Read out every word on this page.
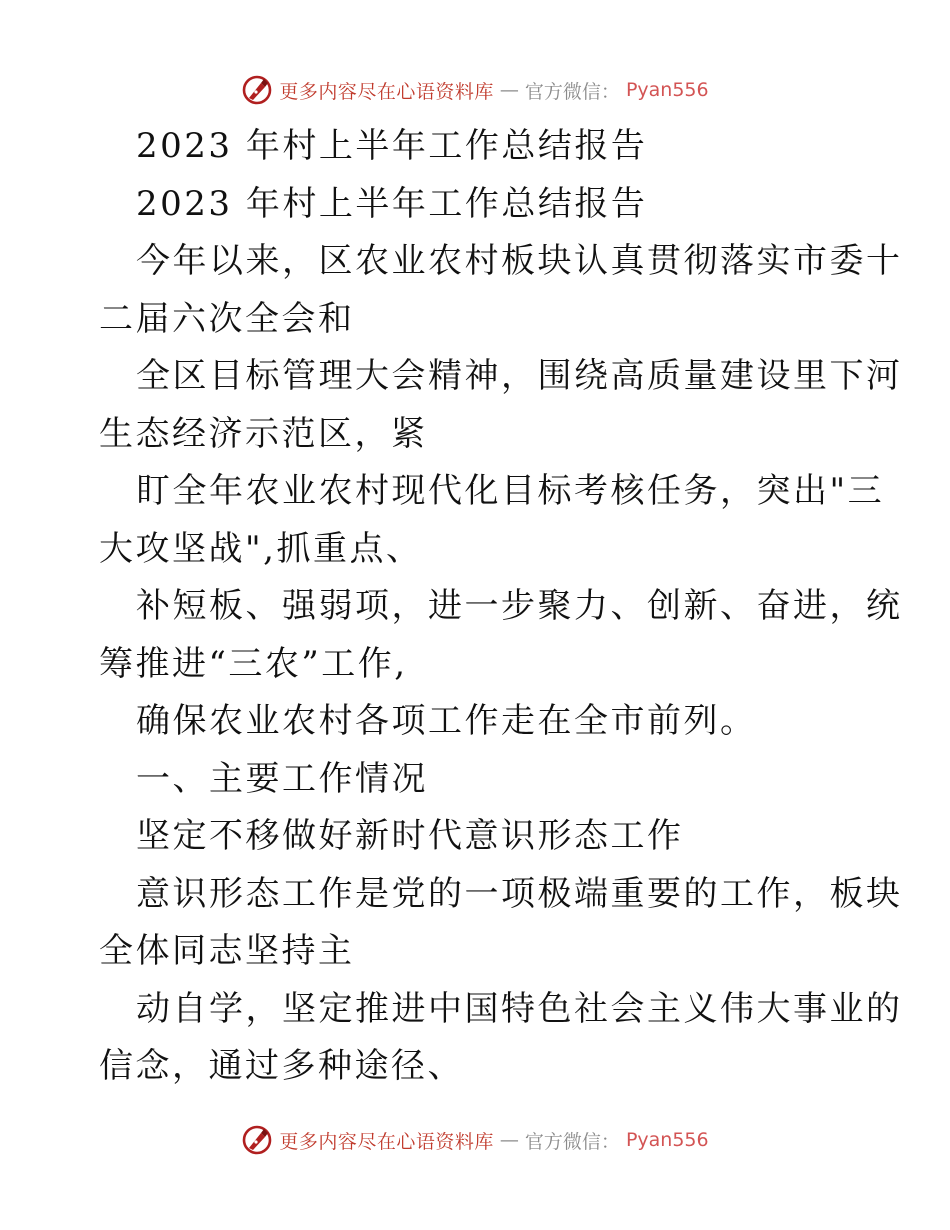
更多内容尽在心语资料库 — 官方微信： Pyan556
2023 年村上半年工作总结报告
2023 年村上半年工作总结报告
今年以来，区农业农村板块认真贯彻落实市委十
二届六次全会和
全区目标管理大会精神，围绕高质量建设里下河
生态经济示范区，紧
盯全年农业农村现代化目标考核任务，突出"三
大攻坚战",抓重点、
补短板、强弱项，进一步聚力、创新、奋进，统
筹推进“三农”工作,
确保农业农村各项工作走在全市前列。
一、主要工作情况
坚定不移做好新时代意识形态工作
意识形态工作是党的一项极端重要的工作，板块
全体同志坚持主
动自学，坚定推进中国特色社会主义伟大事业的
信念，通过多种途径、
更多内容尽在心语资料库 — 官方微信： Pyan556
